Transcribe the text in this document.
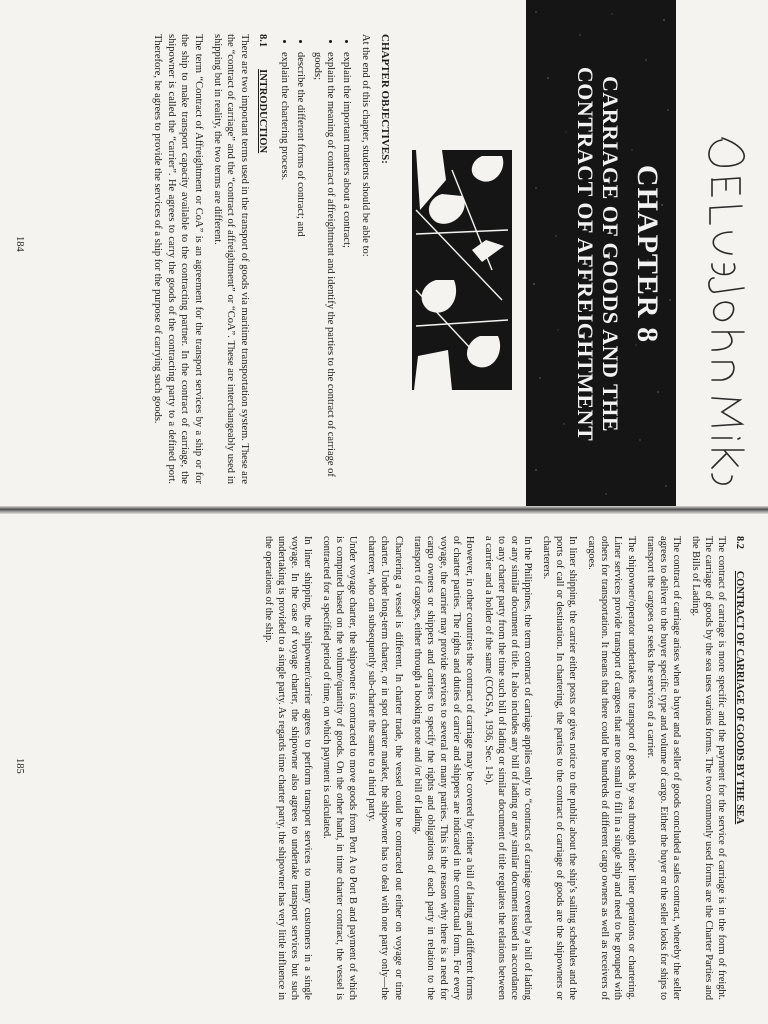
CHAPTER 8
CARRIAGE OF GOODS AND THE CONTRACT OF AFFREIGHTMENT
CHAPTER OBJECTIVES:

At the end of this chapter, students should be able to:

• explain the important matters about a contract;
• explain the meaning of contract of affreightment and identify the parties to the contract of carriage of goods;
• describe the different forms of contract; and
• explain the chartering process.
8.1
INTRODUCTION

There are two important terms used in the transport of goods via maritime transportation system. These are the “contract of carriage” and the “contract of affreightment” or “CoA”. These are interchangeably used in shipping but in reality, the two terms are different.

The term “Contract of Affreightment or CoA” is an agreement for the transport services by a ship or for the ship to make transport capacity available to the contracting partner. In the contract of carriage, the shipowner is called the “carrier”. He agrees to carry the goods of the contracting party to a defined port. Therefore, he agrees to provide the services of a ship for the purpose of carrying such goods.

184
8.2
CONTRACT OF CARRIAGE OF GOODS BY THE SEA

The contract of carriage is more specific and the payment for the service of carriage is in the form of freight. The carriage of goods by the sea uses various forms. The two commonly used forms are the Charter Parties and the Bills of Lading.

The contract of carriage arises when a buyer and a seller of goods concluded a sales contract, whereby the seller agrees to deliver to the buyer specific type and volume of cargo. Either the buyer or the seller looks for ships to transport the cargoes or seeks the services of a carrier.

The shipowner/operator undertakes the transport of goods by sea through either liner operations or chartering. Liner services provide transport of cargoes that are too small to fill in a single ship and need to be grouped with others for transportation. It means that there could be hundreds of different cargo owners as well as receivers of cargoes.

In liner shipping, the carrier either posts or gives notice to the public about the ship’s sailing schedules and the ports of call or destination. In chartering, the parties to the contract of carriage of goods are the shipowners or charterers.

In the Philippines, the term contract of carriage applies only to “contracts of carriage covered by a bill of lading or any similar document of title. It also includes any bill of lading or any similar document issued in accordance to any charter party from the time such bill of lading or similar document of title regulates the relations between a carrier and a holder of the same (COGSA, 1936, Sec. 1-b).

However, in other countries the contract of carriage may be covered by either a bill of lading and different forms of charter parties. The rights and duties of carrier and shippers are indicated in the contractual form. For every voyage, the carrier may provide services to several or many parties. This is the reason why there is a need for cargo owners or shippers and carriers to specify the rights and obligations of each party in relation to the transport of cargoes, either through a booking note and /or bill of lading.

Chartering a vessel is different. In charter trade, the vessel could be contracted out either on voyage or time charter. Under long-term charter, or in spot charter market, the shipowner has to deal with one party only—the charterer, who can subsequently sub-charter the same to a third party.

Under voyage charter, the shipowner is contracted to move goods from Port A to Port B and payment of which is computed based on the volume/quantity of goods. On the other hand, in time charter contract, the vessel is contracted for a specified period of time, on which payment is calculated.

In liner shipping, the shipowner/carrier agrees to perform transport services to many customers in a single voyage. In the case of voyage charter, the shipowner also agrees to undertake transport services but such undertaking is provided to a single party. As regards time charter party, the shipowner has very little influence in the operations of the ship.

185
